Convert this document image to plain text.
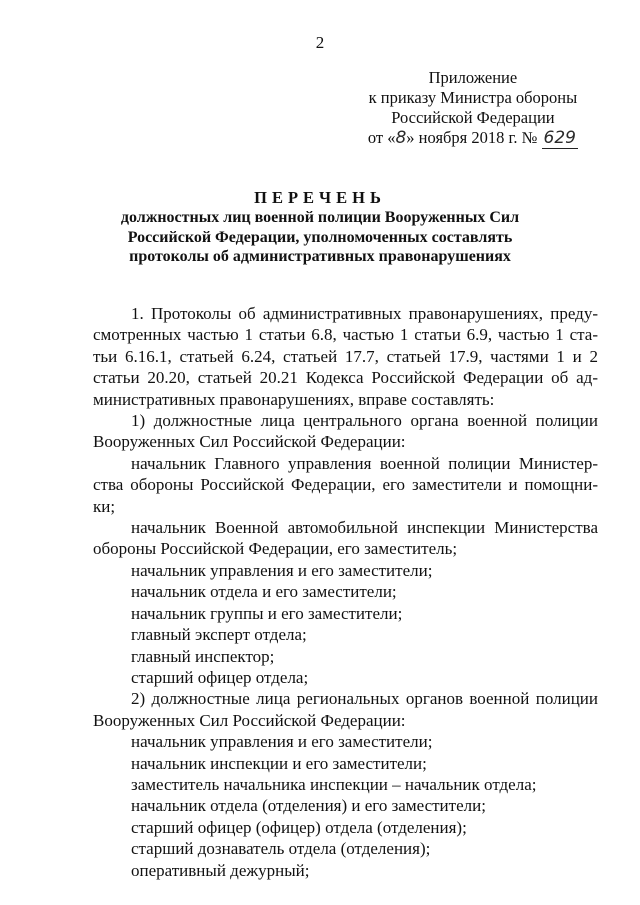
2
Приложение
к приказу Министра обороны
Российской Федерации
от «8» ноября 2018 г. № 629
ПЕРЕЧЕНЬ
должностных лиц военной полиции Вооруженных Сил
Российской Федерации, уполномоченных составлять
протоколы об административных правонарушениях
1. Протоколы об административных правонарушениях, преду-
смотренных частью 1 статьи 6.8, частью 1 статьи 6.9, частью 1 ста-
тьи 6.16.1, статьей 6.24, статьей 17.7, статьей 17.9, частями 1 и 2
статьи 20.20, статьей 20.21 Кодекса Российской Федерации об ад-
министративных правонарушениях, вправе составлять:
1) должностные лица центрального органа военной полиции
Вооруженных Сил Российской Федерации:
начальник Главного управления военной полиции Министер-
ства обороны Российской Федерации, его заместители и помощни-
ки;
начальник Военной автомобильной инспекции Министерства
обороны Российской Федерации, его заместитель;
начальник управления и его заместители;
начальник отдела и его заместители;
начальник группы и его заместители;
главный эксперт отдела;
главный инспектор;
старший офицер отдела;
2) должностные лица региональных органов военной полиции
Вооруженных Сил Российской Федерации:
начальник управления и его заместители;
начальник инспекции и его заместители;
заместитель начальника инспекции – начальник отдела;
начальник отдела (отделения) и его заместители;
старший офицер (офицер) отдела (отделения);
старший дознаватель отдела (отделения);
оперативный дежурный;
